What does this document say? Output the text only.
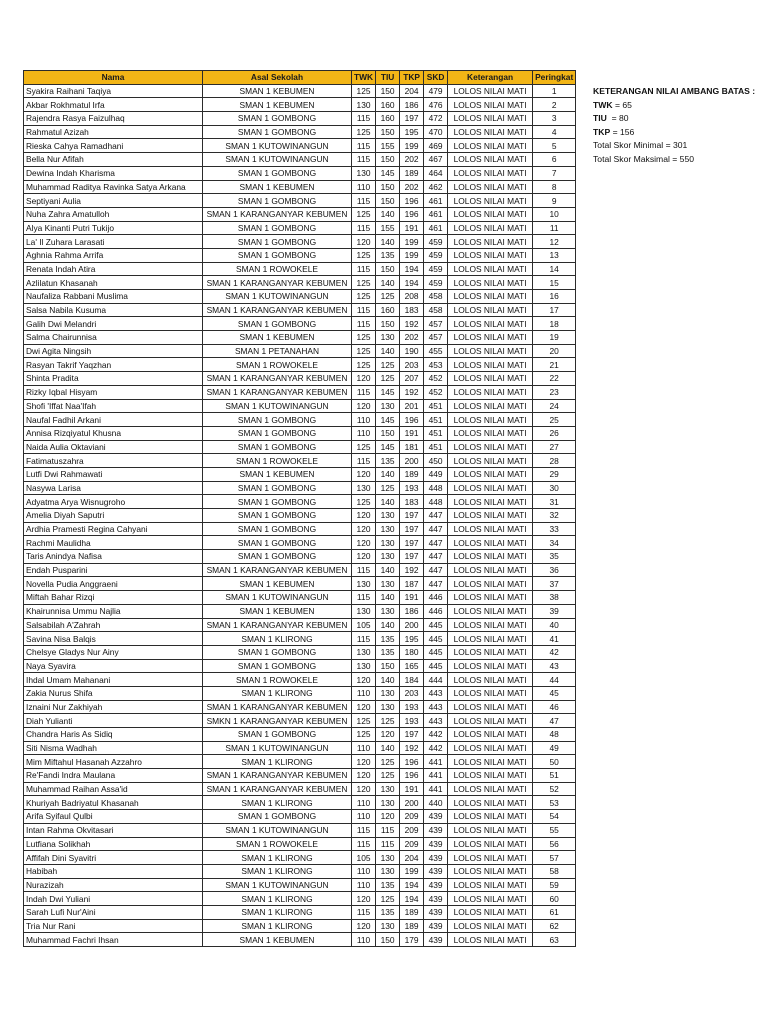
Nama	Asal Sekolah	TWK	TIU	TKP	SKD	Keterangan	Peringkat
Syakira Raihani Taqiya	SMAN 1 KEBUMEN	125	150	204	479	LOLOS NILAI MATI	1
Akbar Rokhmatul Irfa	SMAN 1 KEBUMEN	130	160	186	476	LOLOS NILAI MATI	2
Rajendra Rasya Faizulhaq	SMAN 1 GOMBONG	115	160	197	472	LOLOS NILAI MATI	3
Rahmatul Azizah	SMAN 1 GOMBONG	125	150	195	470	LOLOS NILAI MATI	4
Rieska Cahya Ramadhani	SMAN 1 KUTOWINANGUN	115	155	199	469	LOLOS NILAI MATI	5
Bella Nur Afifah	SMAN 1 KUTOWINANGUN	115	150	202	467	LOLOS NILAI MATI	6
Dewina Indah Kharisma	SMAN 1 GOMBONG	130	145	189	464	LOLOS NILAI MATI	7
Muhammad Raditya Ravinka Satya Arkana	SMAN 1 KEBUMEN	110	150	202	462	LOLOS NILAI MATI	8
Septiyani Aulia	SMAN 1 GOMBONG	115	150	196	461	LOLOS NILAI MATI	9
Nuha Zahra Amatulloh	SMAN 1 KARANGANYAR KEBUMEN	125	140	196	461	LOLOS NILAI MATI	10
Alya Kinanti Putri Tukijo	SMAN 1 GOMBONG	115	155	191	461	LOLOS NILAI MATI	11
La' Il Zuhara Larasati	SMAN 1 GOMBONG	120	140	199	459	LOLOS NILAI MATI	12
Aghnia Rahma Arrifa	SMAN 1 GOMBONG	125	135	199	459	LOLOS NILAI MATI	13
Renata Indah Atira	SMAN 1 ROWOKELE	115	150	194	459	LOLOS NILAI MATI	14
Azlilatun Khasanah	SMAN 1 KARANGANYAR KEBUMEN	125	140	194	459	LOLOS NILAI MATI	15
Naufaliza Rabbani Muslima	SMAN 1 KUTOWINANGUN	125	125	208	458	LOLOS NILAI MATI	16
Salsa Nabila Kusuma	SMAN 1 KARANGANYAR KEBUMEN	115	160	183	458	LOLOS NILAI MATI	17
Galih Dwi Melandri	SMAN 1 GOMBONG	115	150	192	457	LOLOS NILAI MATI	18
Salma Chairunnisa	SMAN 1 KEBUMEN	125	130	202	457	LOLOS NILAI MATI	19
Dwi Agita Ningsih	SMAN 1 PETANAHAN	125	140	190	455	LOLOS NILAI MATI	20
Rasyan Takrif Yaqzhan	SMAN 1 ROWOKELE	125	125	203	453	LOLOS NILAI MATI	21
Shinta Pradita	SMAN 1 KARANGANYAR KEBUMEN	120	125	207	452	LOLOS NILAI MATI	22
Rizky Iqbal Hisyam	SMAN 1 KARANGANYAR KEBUMEN	115	145	192	452	LOLOS NILAI MATI	23
Shofi 'Iffat Naa'Ifah	SMAN 1 KUTOWINANGUN	120	130	201	451	LOLOS NILAI MATI	24
Naufal Fadhil Arkani	SMAN 1 GOMBONG	110	145	196	451	LOLOS NILAI MATI	25
Annisa Rizqiyatul Khusna	SMAN 1 GOMBONG	110	150	191	451	LOLOS NILAI MATI	26
Naida Aulia Oktaviani	SMAN 1 GOMBONG	125	145	181	451	LOLOS NILAI MATI	27
Fatimatuszahra	SMAN 1 ROWOKELE	115	135	200	450	LOLOS NILAI MATI	28
Lutfi Dwi Rahmawati	SMAN 1 KEBUMEN	120	140	189	449	LOLOS NILAI MATI	29
Nasywa Larisa	SMAN 1 GOMBONG	130	125	193	448	LOLOS NILAI MATI	30
Adyatma Arya Wisnugroho	SMAN 1 GOMBONG	125	140	183	448	LOLOS NILAI MATI	31
Amelia Diyah Saputri	SMAN 1 GOMBONG	120	130	197	447	LOLOS NILAI MATI	32
Ardhia Pramesti Regina Cahyani	SMAN 1 GOMBONG	120	130	197	447	LOLOS NILAI MATI	33
Rachmi Maulidha	SMAN 1 GOMBONG	120	130	197	447	LOLOS NILAI MATI	34
Taris Anindya Nafisa	SMAN 1 GOMBONG	120	130	197	447	LOLOS NILAI MATI	35
Endah Pusparini	SMAN 1 KARANGANYAR KEBUMEN	115	140	192	447	LOLOS NILAI MATI	36
Novella Pudia Anggraeni	SMAN 1 KEBUMEN	130	130	187	447	LOLOS NILAI MATI	37
Miftah Bahar Rizqi	SMAN 1 KUTOWINANGUN	115	140	191	446	LOLOS NILAI MATI	38
Khairunnisa Ummu Najlia	SMAN 1 KEBUMEN	130	130	186	446	LOLOS NILAI MATI	39
Salsabilah A'Zahrah	SMAN 1 KARANGANYAR KEBUMEN	105	140	200	445	LOLOS NILAI MATI	40
Savina Nisa Balqis	SMAN 1 KLIRONG	115	135	195	445	LOLOS NILAI MATI	41
Chelsye Gladys Nur Ainy	SMAN 1 GOMBONG	130	135	180	445	LOLOS NILAI MATI	42
Naya Syavira	SMAN 1 GOMBONG	130	150	165	445	LOLOS NILAI MATI	43
Ihdal Umam Mahanani	SMAN 1 ROWOKELE	120	140	184	444	LOLOS NILAI MATI	44
Zakia Nurus Shifa	SMAN 1 KLIRONG	110	130	203	443	LOLOS NILAI MATI	45
Iznaini Nur Zakhiyah	SMAN 1 KARANGANYAR KEBUMEN	120	130	193	443	LOLOS NILAI MATI	46
Diah Yulianti	SMKN 1 KARANGANYAR KEBUMEN	125	125	193	443	LOLOS NILAI MATI	47
Chandra Haris As Sidiq	SMAN 1 GOMBONG	125	120	197	442	LOLOS NILAI MATI	48
Siti Nisma Wadhah	SMAN 1 KUTOWINANGUN	110	140	192	442	LOLOS NILAI MATI	49
Mim Miftahul Hasanah Azzahro	SMAN 1 KLIRONG	120	125	196	441	LOLOS NILAI MATI	50
Re'Fandi Indra Maulana	SMAN 1 KARANGANYAR KEBUMEN	120	125	196	441	LOLOS NILAI MATI	51
Muhammad Raihan Assa'id	SMAN 1 KARANGANYAR KEBUMEN	120	130	191	441	LOLOS NILAI MATI	52
Khuriyah Badriyatul Khasanah	SMAN 1 KLIRONG	110	130	200	440	LOLOS NILAI MATI	53
Arifa Syifaul Qulbi	SMAN 1 GOMBONG	110	120	209	439	LOLOS NILAI MATI	54
Intan Rahma Okvitasari	SMAN 1 KUTOWINANGUN	115	115	209	439	LOLOS NILAI MATI	55
Lutfiana Solikhah	SMAN 1 ROWOKELE	115	115	209	439	LOLOS NILAI MATI	56
Affifah Dini Syavitri	SMAN 1 KLIRONG	105	130	204	439	LOLOS NILAI MATI	57
Habibah	SMAN 1 KLIRONG	110	130	199	439	LOLOS NILAI MATI	58
Nurazizah	SMAN 1 KUTOWINANGUN	110	135	194	439	LOLOS NILAI MATI	59
Indah Dwi Yuliani	SMAN 1 KLIRONG	120	125	194	439	LOLOS NILAI MATI	60
Sarah Lufi Nur'Aini	SMAN 1 KLIRONG	115	135	189	439	LOLOS NILAI MATI	61
Tria Nur Rani	SMAN 1 KLIRONG	120	130	189	439	LOLOS NILAI MATI	62
Muhammad Fachri Ihsan	SMAN 1 KEBUMEN	110	150	179	439	LOLOS NILAI MATI	63
KETERANGAN NILAI AMBANG BATAS :
TWK = 65
TIU  = 80
TKP = 156
Total Skor Minimal = 301
Total Skor Maksimal = 550
